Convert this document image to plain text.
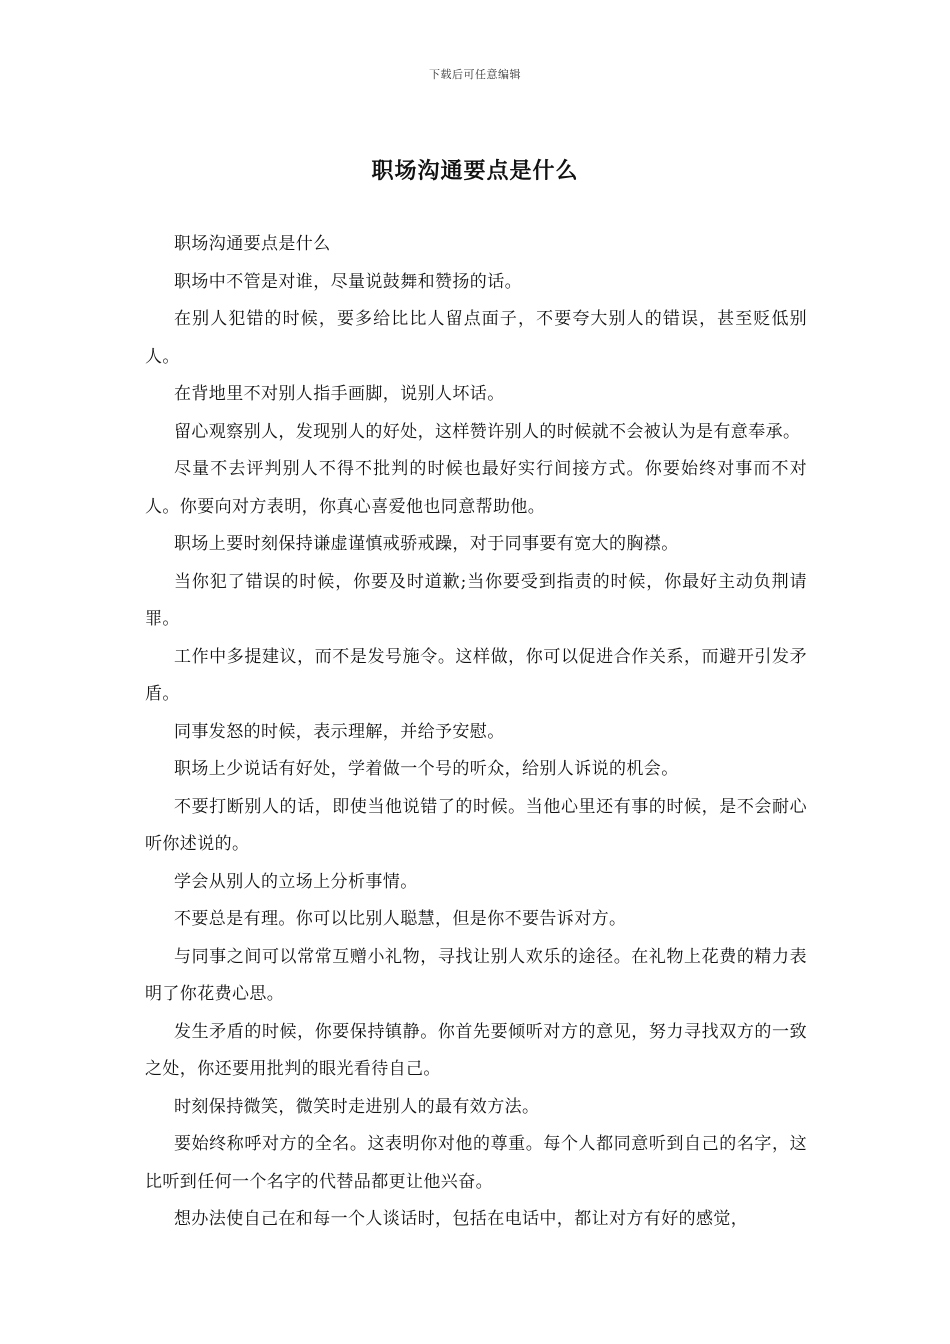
下载后可任意编辑
职场沟通要点是什么

职场沟通要点是什么

职场中不管是对谁，尽量说鼓舞和赞扬的话。

在别人犯错的时候，要多给比比人留点面子，不要夸大别人的错误，甚至贬低别人。

在背地里不对别人指手画脚，说别人坏话。

留心观察别人，发现别人的好处，这样赞许别人的时候就不会被认为是有意奉承。

尽量不去评判别人不得不批判的时候也最好实行间接方式。你要始终对事而不对人。你要向对方表明，你真心喜爱他也同意帮助他。

职场上要时刻保持谦虚谨慎戒骄戒躁，对于同事要有宽大的胸襟。

当你犯了错误的时候，你要及时道歉;当你要受到指责的时候，你最好主动负荆请罪。

工作中多提建议，而不是发号施令。这样做，你可以促进合作关系，而避开引发矛盾。

同事发怒的时候，表示理解，并给予安慰。

职场上少说话有好处，学着做一个号的听众，给别人诉说的机会。

不要打断别人的话，即使当他说错了的时候。当他心里还有事的时候，是不会耐心听你述说的。

学会从别人的立场上分析事情。

不要总是有理。你可以比别人聪慧，但是你不要告诉对方。

与同事之间可以常常互赠小礼物，寻找让别人欢乐的途径。在礼物上花费的精力表明了你花费心思。

发生矛盾的时候，你要保持镇静。你首先要倾听对方的意见，努力寻找双方的一致之处，你还要用批判的眼光看待自己。

时刻保持微笑，微笑时走进别人的最有效方法。

要始终称呼对方的全名。这表明你对他的尊重。每个人都同意听到自己的名字，这比听到任何一个名字的代替品都更让他兴奋。

想办法使自己在和每一个人谈话时，包括在电话中，都让对方有好的感觉，
